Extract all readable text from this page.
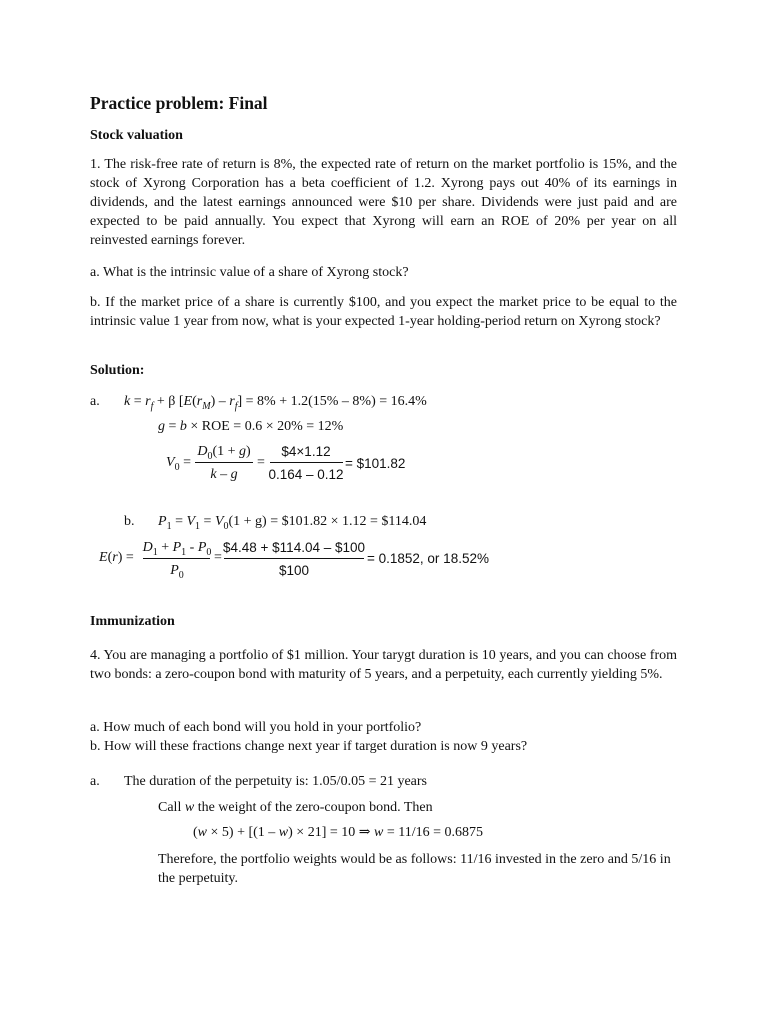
Practice problem: Final
Stock valuation
1. The risk-free rate of return is 8%, the expected rate of return on the market portfolio is 15%, and the stock of Xyrong Corporation has a beta coefficient of 1.2. Xyrong pays out 40% of its earnings in dividends, and the latest earnings announced were $10 per share. Dividends were just paid and are expected to be paid annually. You expect that Xyrong will earn an ROE of 20% per year on all reinvested earnings forever.
a. What is the intrinsic value of a share of Xyrong stock?
b. If the market price of a share is currently $100, and you expect the market price to be equal to the intrinsic value 1 year from now, what is your expected 1-year holding-period return on Xyrong stock?
Solution:
a. $k = r_f + \beta$ $[E(r_M) - r_f] = 8\% + 1.2(15\% - 8\%) = 16.4\%$
g = b × ROE = 0.6 × 20% = 12%
$V_0$ =
$D_0(1 + g)$
k – g
=
$4×1.12
0.164 – 0.12
= $101.82
b. $P_1 = V_1 = V_0(1 + g)$ = $101.82 × 1.12 = $114.04
E(r) =
$D_1 + P_1 - P_0$
$P_0$
=
$4.48 + $114.04 – $100
$100
= 0.1852, or 18.52%
Immunization
4. You are managing a portfolio of $1 million. Your tarygt duration is 10 years, and you can choose from two bonds: a zero-coupon bond with maturity of 5 years, and a perpetuity, each currently yielding 5%.
a. How much of each bond will you hold in your portfolio?
b. How will these fractions change next year if target duration is now 9 years?
a. The duration of the perpetuity is: 1.05/0.05 = 21 years
Call w the weight of the zero-coupon bond. Then
(w × 5) + [(1 – w) × 21] = 10 ⇒ w = 11/16 = 0.6875
Therefore, the portfolio weights would be as follows: 11/16 invested in the zero and 5/16 in the perpetuity.
